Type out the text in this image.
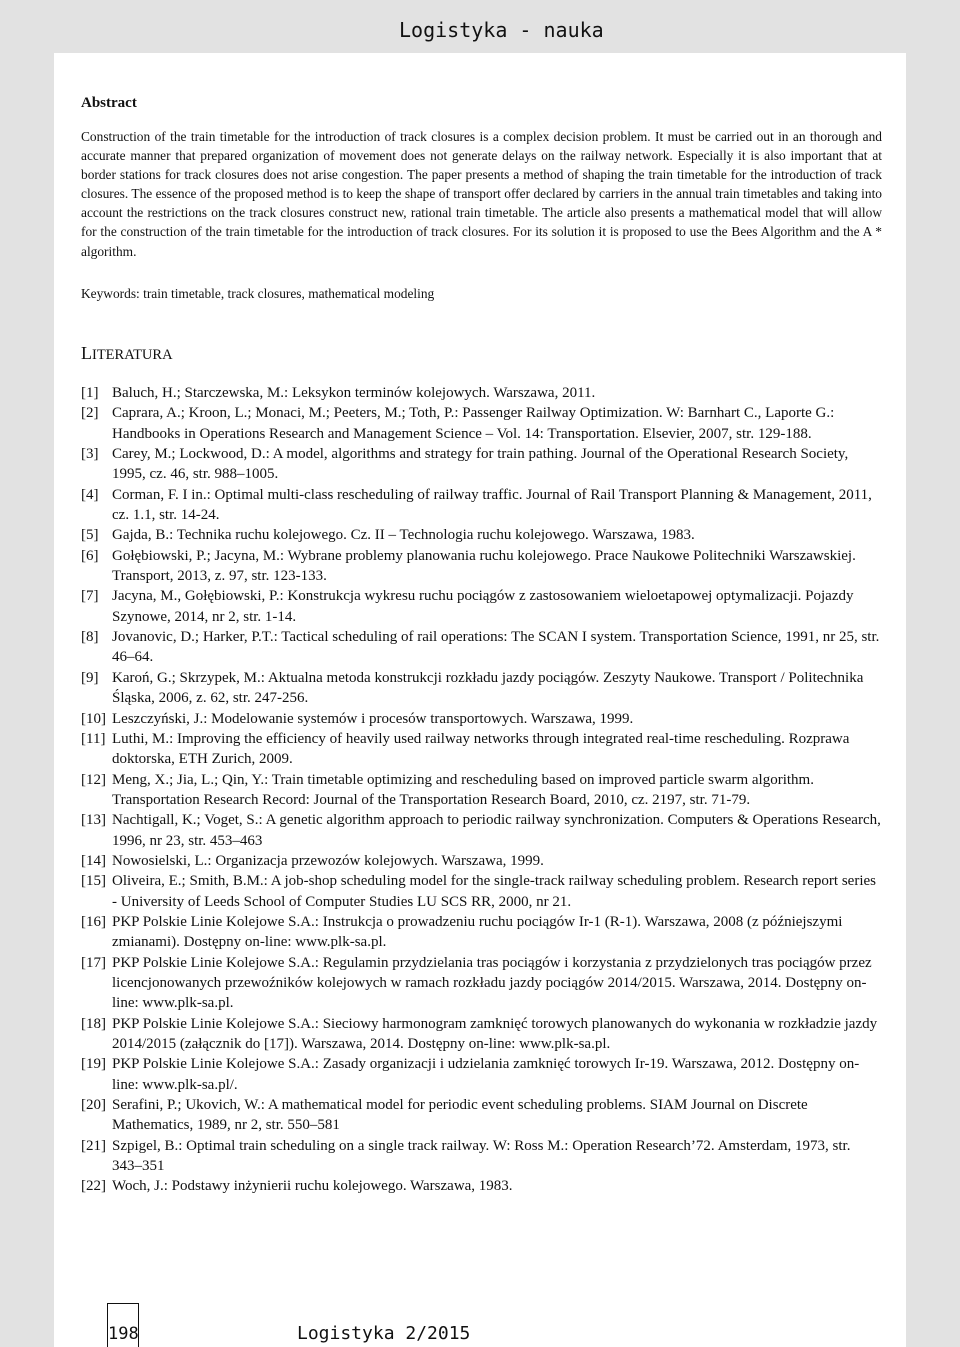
Logistyka - nauka
Abstract

Construction of the train timetable for the introduction of track closures is a complex decision problem. It must be carried out in an thorough and accurate manner that prepared organization of movement does not generate delays on the railway network. Especially it is also important that at border stations for track closures does not arise congestion. The paper presents a method of shaping the train timetable for the introduction of track closures. The essence of the proposed method is to keep the shape of transport offer declared by carriers in the annual train timetables and taking into account the restrictions on the track closures construct new, rational train timetable. The article also presents a mathematical model that will allow for the construction of the train timetable for the introduction of track closures. For its solution it is proposed to use the Bees Algorithm and the A * algorithm.

Keywords: train timetable, track closures, mathematical modeling

LITERATURA
[1] Baluch, H.; Starczewska, M.: Leksykon terminów kolejowych. Warszawa, 2011.
[2] Caprara, A.; Kroon, L.; Monaci, M.; Peeters, M.; Toth, P.: Passenger Railway Optimization. W: Barnhart C., Laporte G.: Handbooks in Operations Research and Management Science – Vol. 14: Transportation. Elsevier, 2007, str. 129-188.
[3] Carey, M.; Lockwood, D.: A model, algorithms and strategy for train pathing. Journal of the Operational Research Society, 1995, cz. 46, str. 988–1005.
[4] Corman, F. I in.: Optimal multi-class rescheduling of railway traffic. Journal of Rail Transport Planning & Management, 2011, cz. 1.1, str. 14-24.
[5] Gajda, B.: Technika ruchu kolejowego. Cz. II – Technologia ruchu kolejowego. Warszawa, 1983.
[6] Gołębiowski, P.; Jacyna, M.: Wybrane problemy planowania ruchu kolejowego. Prace Naukowe Politechniki Warszawskiej. Transport, 2013, z. 97, str. 123-133.
[7] Jacyna, M., Gołębiowski, P.: Konstrukcja wykresu ruchu pociągów z zastosowaniem wieloetapowej optymalizacji. Pojazdy Szynowe, 2014, nr 2, str. 1-14.
[8] Jovanovic, D.; Harker, P.T.: Tactical scheduling of rail operations: The SCAN I system. Transportation Science, 1991, nr 25, str. 46–64.
[9] Karoń, G.; Skrzypek, M.: Aktualna metoda konstrukcji rozkładu jazdy pociągów. Zeszyty Naukowe. Transport / Politechnika Śląska, 2006, z. 62, str. 247-256.
[10] Leszczyński, J.: Modelowanie systemów i procesów transportowych. Warszawa, 1999.
[11] Luthi, M.: Improving the efficiency of heavily used railway networks through integrated real-time rescheduling. Rozprawa doktorska, ETH Zurich, 2009.
[12] Meng, X.; Jia, L.; Qin, Y.: Train timetable optimizing and rescheduling based on improved particle swarm algorithm. Transportation Research Record: Journal of the Transportation Research Board, 2010, cz. 2197, str. 71-79.
[13] Nachtigall, K.; Voget, S.: A genetic algorithm approach to periodic railway synchronization. Computers & Operations Research, 1996, nr 23, str. 453–463
[14] Nowosielski, L.: Organizacja przewozów kolejowych. Warszawa, 1999.
[15] Oliveira, E.; Smith, B.M.: A job-shop scheduling model for the single-track railway scheduling problem. Research report series - University of Leeds School of Computer Studies LU SCS RR, 2000, nr 21.
[16] PKP Polskie Linie Kolejowe S.A.: Instrukcja o prowadzeniu ruchu pociągów Ir-1 (R-1). Warszawa, 2008 (z późniejszymi zmianami). Dostępny on-line: www.plk-sa.pl.
[17] PKP Polskie Linie Kolejowe S.A.: Regulamin przydzielania tras pociągów i korzystania z przydzielonych tras pociągów przez licencjonowanych przewoźników kolejowych w ramach rozkładu jazdy pociągów 2014/2015. Warszawa, 2014. Dostępny on-line: www.plk-sa.pl.
[18] PKP Polskie Linie Kolejowe S.A.: Sieciowy harmonogram zamknięć torowych planowanych do wykonania w rozkładzie jazdy 2014/2015 (załącznik do [17]). Warszawa, 2014. Dostępny on-line: www.plk-sa.pl.
[19] PKP Polskie Linie Kolejowe S.A.: Zasady organizacji i udzielania zamknięć torowych Ir-19. Warszawa, 2012. Dostępny on-line: www.plk-sa.pl/.
[20] Serafini, P.; Ukovich, W.: A mathematical model for periodic event scheduling problems. SIAM Journal on Discrete Mathematics, 1989, nr 2, str. 550–581
[21] Szpigel, B.: Optimal train scheduling on a single track railway. W: Ross M.: Operation Research’72. Amsterdam, 1973, str. 343–351
[22] Woch, J.: Podstawy inżynierii ruchu kolejowego. Warszawa, 1983.
198	Logistyka 2/2015
